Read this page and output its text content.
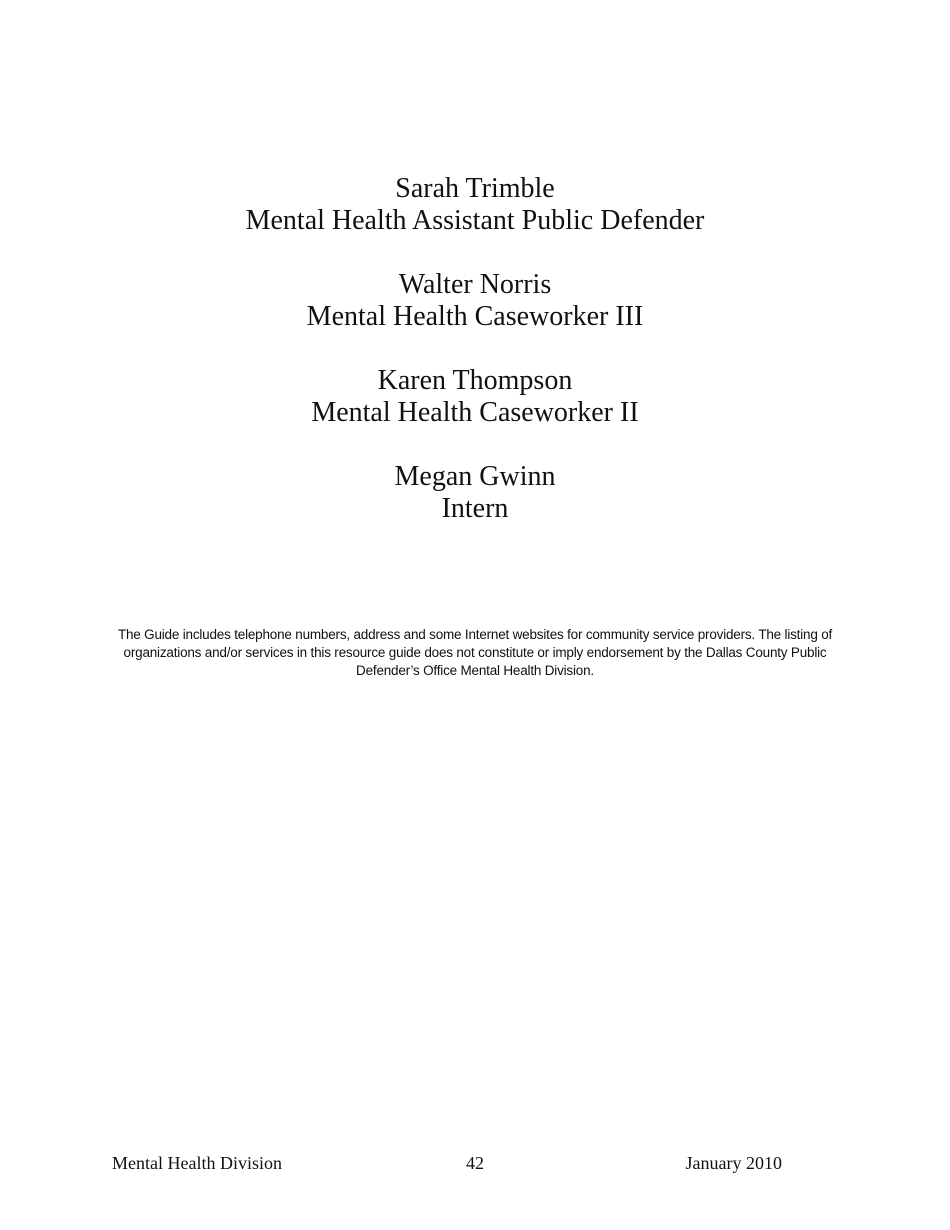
Sarah Trimble
Mental Health Assistant Public Defender
Walter Norris
Mental Health Caseworker III
Karen Thompson
Mental Health Caseworker II
Megan Gwinn
Intern

The Guide includes telephone numbers, address and some Internet websites for community service providers. The listing of organizations and/or services in this resource guide does not constitute or imply endorsement by the Dallas County Public Defender’s Office Mental Health Division.

Mental Health Division	42	January 2010
